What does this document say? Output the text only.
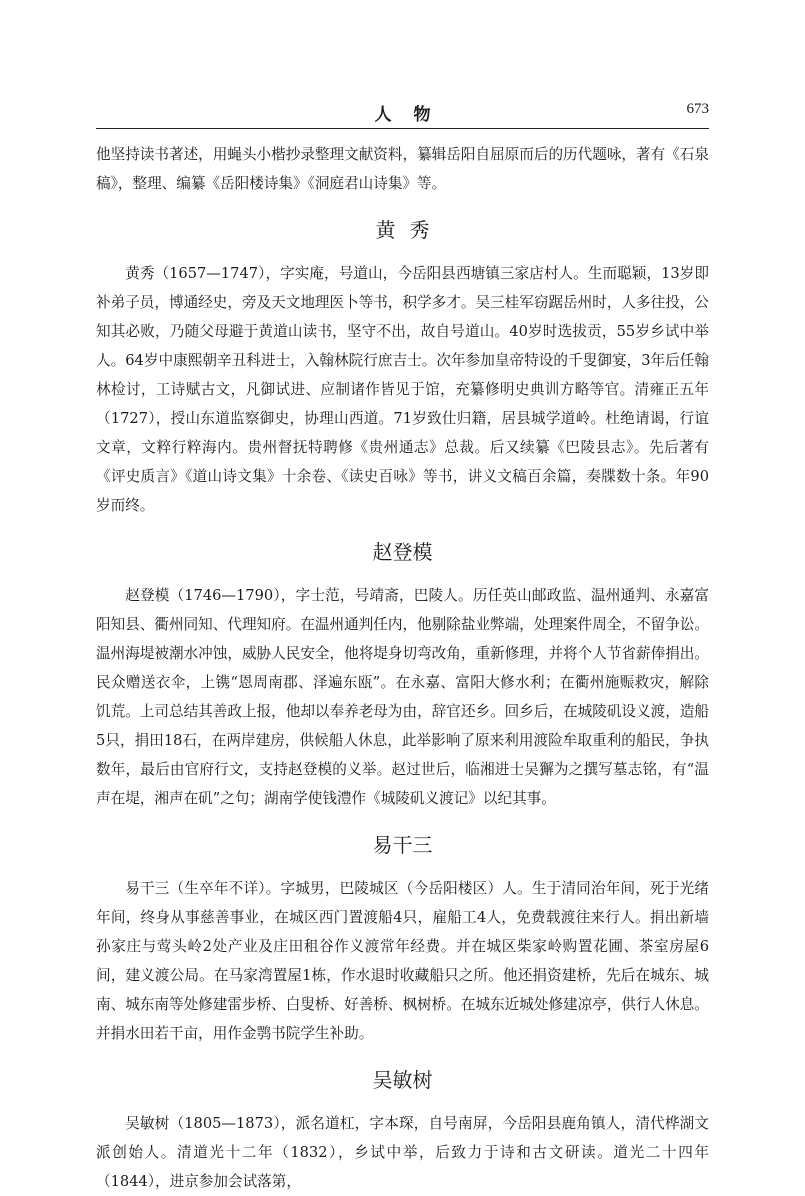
人物	673

他坚持读书著述，用蝇头小楷抄录整理文献资料，纂辑岳阳自屈原而后的历代题咏，著有《石泉稿》，整理、编纂《岳阳楼诗集》《洞庭君山诗集》等。

黄秀

黄秀（1657—1747），字实庵，号道山，今岳阳县西塘镇三家店村人。生而聪颖，13岁即补弟子员，博通经史，旁及天文地理医卜等书，积学多才。吴三桂军窃踞岳州时，人多往投，公知其必败，乃随父母避于黄道山读书，坚守不出，故自号道山。40岁时选拔贡，55岁乡试中举人。64岁中康熙朝辛丑科进士，入翰林院行庶吉士。次年参加皇帝特设的千叟御宴，3年后任翰林检讨，工诗赋古文，凡御试进、应制诸作皆见于馆，充纂修明史典训方略等官。清雍正五年（1727），授山东道监察御史，协理山西道。71岁致仕归籍，居县城学道岭。杜绝请谒，行谊文章，文粹行粹海内。贵州督抚特聘修《贵州通志》总裁。后又续纂《巴陵县志》。先后著有《评史质言》《道山诗文集》十余卷、《读史百咏》等书，讲义文稿百余篇，奏牒数十条。年90岁而终。

赵登模

赵登模（1746—1790），字士范，号靖斋，巴陵人。历任英山邮政监、温州通判、永嘉富阳知县、衢州同知、代理知府。在温州通判任内，他剔除盐业弊端，处理案件周全，不留争讼。温州海堤被潮水冲蚀，威胁人民安全，他将堤身切弯改角，重新修理，并将个人节省薪俸捐出。民众赠送衣伞，上镌“恩周南郡、泽遍东瓯”。在永嘉、富阳大修水利；在衢州施赈救灾，解除饥荒。上司总结其善政上报，他却以奉养老母为由，辞官还乡。回乡后，在城陵矶设义渡，造船5只，捐田18石，在两岸建房，供候船人休息，此举影响了原来利用渡险牟取重利的船民，争执数年，最后由官府行文，支持赵登模的义举。赵过世后，临湘进士吴獬为之撰写墓志铭，有“温声在堤，湘声在矶”之句；湖南学使钱澧作《城陵矶义渡记》以纪其事。

易干三

易干三（生卒年不详）。字城男，巴陵城区（今岳阳楼区）人。生于清同治年间，死于光绪年间，终身从事慈善事业，在城区西门置渡船4只，雇船工4人，免费载渡往来行人。捐出新墙孙家庄与莺头岭2处产业及庄田租谷作义渡常年经费。并在城区柴家岭购置花圃、茶室房屋6间，建义渡公局。在马家湾置屋1栋，作水退时收藏船只之所。他还捐资建桥，先后在城东、城南、城东南等处修建雷步桥、白叟桥、好善桥、枫树桥。在城东近城处修建凉亭，供行人休息。并捐水田若干亩，用作金鹗书院学生补助。

吴敏树

吴敏树（1805—1873），派名道杠，字本琛，自号南屏，今岳阳县鹿角镇人，清代桦湖文派创始人。清道光十二年（1832），乡试中举，后致力于诗和古文研读。道光二十四年（1844），进京参加会试落第，
